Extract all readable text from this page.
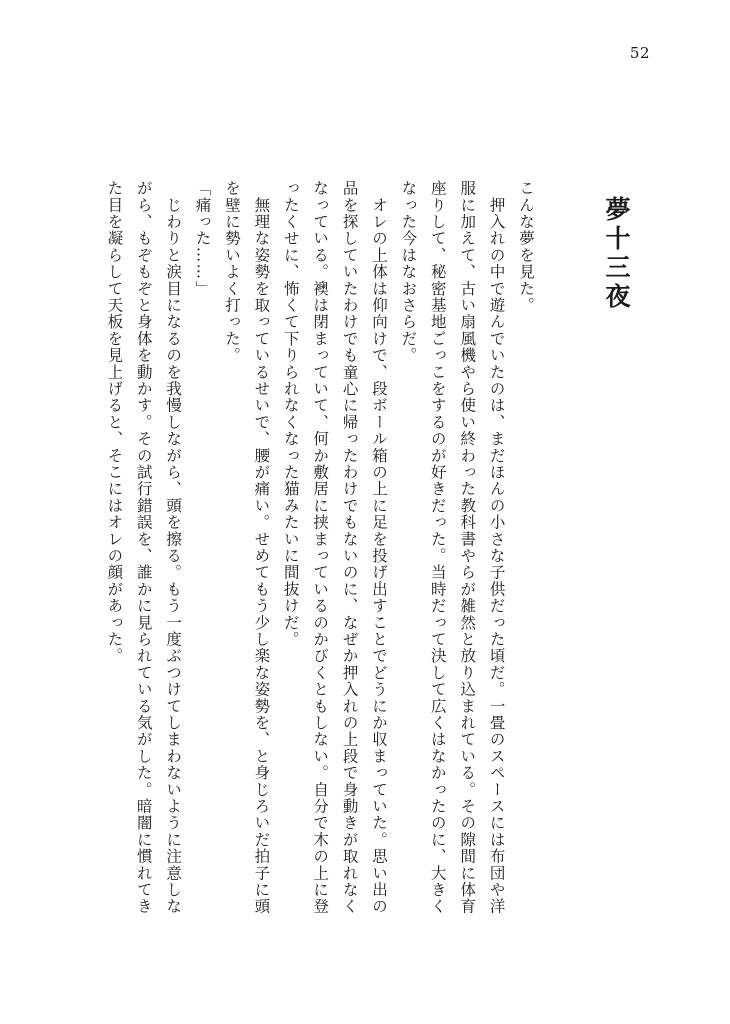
52
夢十三夜

こんな夢を見た。

　押入れの中で遊んでいたのは、まだほんの小さな子供だった頃だ。一畳のスペースには布団や洋服に加えて、古い扇風機やら使い終わった教科書やらが雑然と放り込まれている。その隙間に体育座りして、秘密基地ごっこをするのが好きだった。当時だって決して広くはなかったのに、大きくなった今はなおさらだ。

　オレの上体は仰向けで、段ボール箱の上に足を投げ出すことでどうにか収まっていた。思い出の品を探していたわけでも童心に帰ったわけでもないのに、なぜか押入れの上段で身動きが取れなくなっている。襖は閉まっていて、何か敷居に挟まっているのかびくともしない。自分で木の上に登ったくせに、怖くて下りられなくなった猫みたいに間抜けだ。

　無理な姿勢を取っているせいで、腰が痛い。せめてもう少し楽な姿勢を、と身じろいだ拍子に頭を壁に勢いよく打った。

「痛った……」

　じわりと涙目になるのを我慢しながら、頭を擦る。もう一度ぶつけてしまわないように注意しながら、もぞもぞと身体を動かす。その試行錯誤を、誰かに見られている気がした。暗闇に慣れてきた目を凝らして天板を見上げると、そこにはオレの顔があった。
